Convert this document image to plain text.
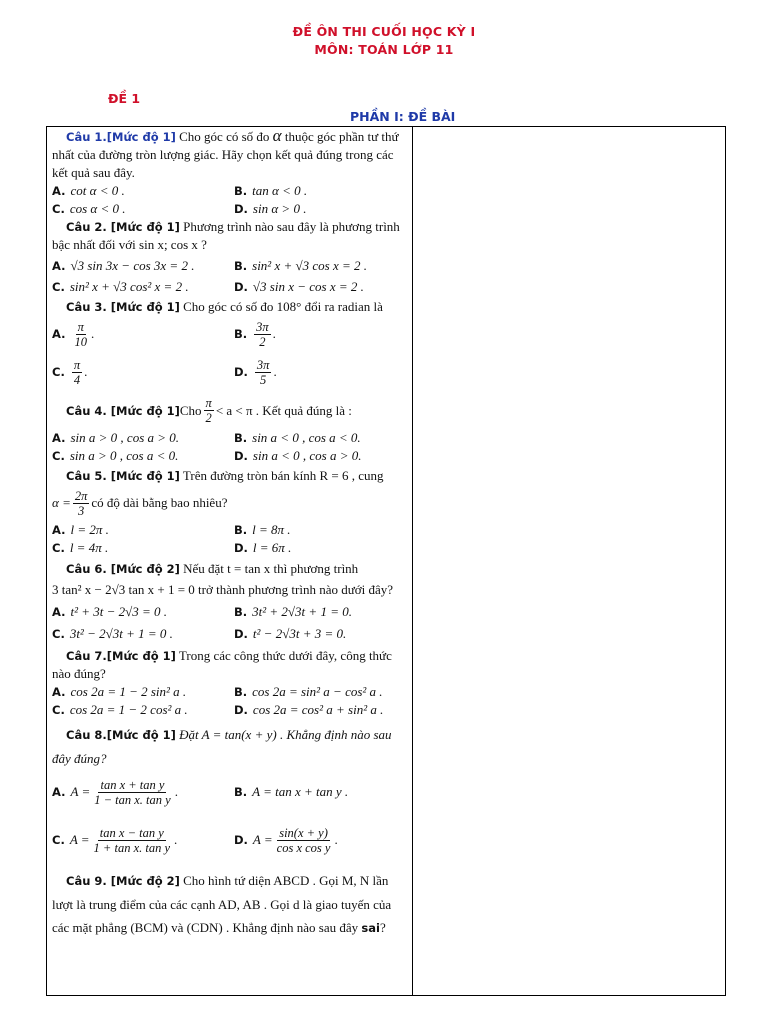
ĐỀ ÔN THI CUỐI HỌC KỲ I
MÔN: TOÁN LỚP 11
ĐỀ 1
PHẦN I: ĐỀ BÀI

Câu 1.[Mức độ 1] Cho góc có số đo α thuộc góc phần tư thứ nhất của đường tròn lượng giác. Hãy chọn kết quả đúng trong các kết quả sau đây.

A. cot α < 0 .	B. tan α < 0 .
C. cos α < 0 .	D. sin α > 0 .

Câu 2. [Mức độ 1] Phương trình nào sau đây là phương trình bậc nhất đối với sin x; cos x ?

A. √3 sin 3x − cos 3x = 2 .	B. sin² x + √3 cos x = 2 .
C. sin² x + √3 cos² x = 2 .	D. √3 sin x − cos x = 2 .

Câu 3. [Mức độ 1] Cho góc có số đo 108° đổi ra radian là

A. $\frac{\pi}{10}$ .	B. $\frac{3\pi}{2}$ .
C. $\frac{\pi}{4}$ .	D. $\frac{3\pi}{5}$ .

Câu 4. [Mức độ 1] Cho $\frac{\pi}{2} < a < \pi$ . Kết quả đúng là :

A. sin a > 0 , cos a > 0.	B. sin a < 0 , cos a < 0.
C. sin a > 0 , cos a < 0.	D. sin a < 0 , cos a > 0.

Câu 5. [Mức độ 1] Trên đường tròn bán kính R = 6 , cung

$\alpha = \frac{2\pi}{3}$ có độ dài bằng bao nhiêu?
A. l = 2π .	B. l = 8π .
C. l = 4π .	D. l = 6π .

Câu 6. [Mức độ 2] Nếu đặt t = tan x thì phương trình

3 tan² x − 2√3 tan x + 1 = 0 trở thành phương trình nào dưới đây?

A. t² + 3t − 2√3 = 0 .	B. 3t² + 2√3t + 1 = 0.
C. 3t² − 2√3t + 1 = 0 .	D. t² − 2√3t + 3 = 0.

Câu 7.[Mức độ 1] Trong các công thức dưới đây, công thức nào đúng?

A. cos 2a = 1 − 2 sin² a .	B. cos 2a = sin² a − cos² a .
C. cos 2a = 1 − 2 cos² a .	D. cos 2a = cos² a + sin² a .

Câu 8.[Mức độ 1] Đặt A = tan(x + y) . Khẳng định nào sau đây đúng?

A. $A = \frac{\text{tan x + tan y}}{\text{1 − tan x. tan y}}$ .	B. A = tan x + tan y .
C. $A = \frac{\text{tan x − tan y}}{\text{1 + tan x. tan y}}$ .	D. $A = \frac{\sin(x + y)}{\text{cos x cos y}}$ .

Câu 9. [Mức độ 2] Cho hình tứ diện ABCD . Gọi M, N lần lượt là trung điểm của các cạnh AD, AB . Gọi d là giao tuyến của các mặt phẳng (BCM) và (CDN) . Khẳng định nào sau đây sai?
